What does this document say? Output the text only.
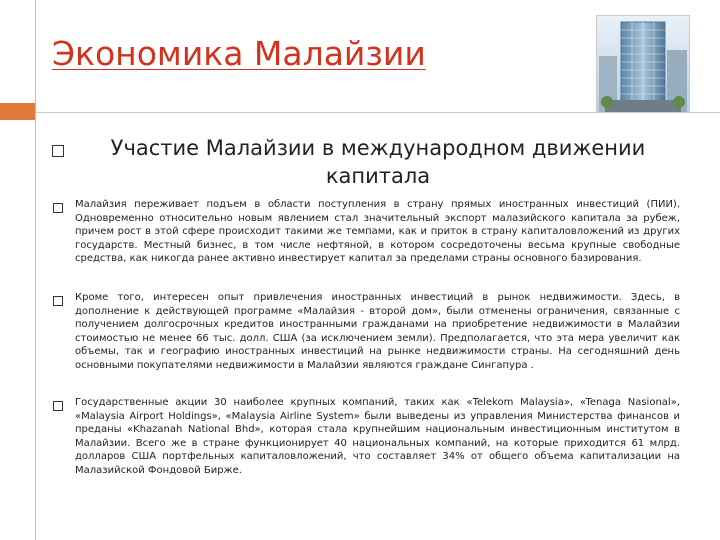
Экономика Малайзии
Участие Малайзии в международном движении капитала
Малайзия переживает подъем в области поступления в страну прямых иностранных инвестиций (ПИИ). Одновременно относительно новым явлением стал значительный экспорт малазийского капитала за рубеж, причем рост в этой сфере происходит такими же темпами, как и приток в страну капиталовложений из других государств. Местный бизнес, в том числе нефтяной, в котором сосредоточены весьма крупные свободные средства, как никогда ранее активно инвестирует капитал за пределами страны основного базирования.
Кроме того, интересен опыт привлечения иностранных инвестиций в рынок недвижимости. Здесь, в дополнение к действующей программе «Малайзия - второй дом», были отменены ограничения, связанные с получением долгосрочных кредитов иностранными гражданами на приобретение недвижимости в Малайзии стоимостью не менее 66 тыс. долл. США (за исключением земли). Предполагается, что эта мера увеличит как объемы, так и географию иностранных инвестиций на рынке недвижимости страны. На сегодняшний день основными покупателями недвижимости в Малайзии являются граждане Сингапура .
Государственные акции 30 наиболее крупных компаний, таких как «Telekom Malaysia», «Tenaga Nasional», «Malaysia Airport Holdings», «Malaysia Airline System» были выведены из управления Министерства финансов и преданы «Khazanah National Bhd», которая стала крупнейшим национальным инвестиционным институтом в Малайзии. Всего же в стране функционирует 40 национальных компаний, на которые приходится 61 млрд. долларов США портфельных капиталовложений, что составляет 34% от общего объема капитализации на Малазийской Фондовой Бирже.
